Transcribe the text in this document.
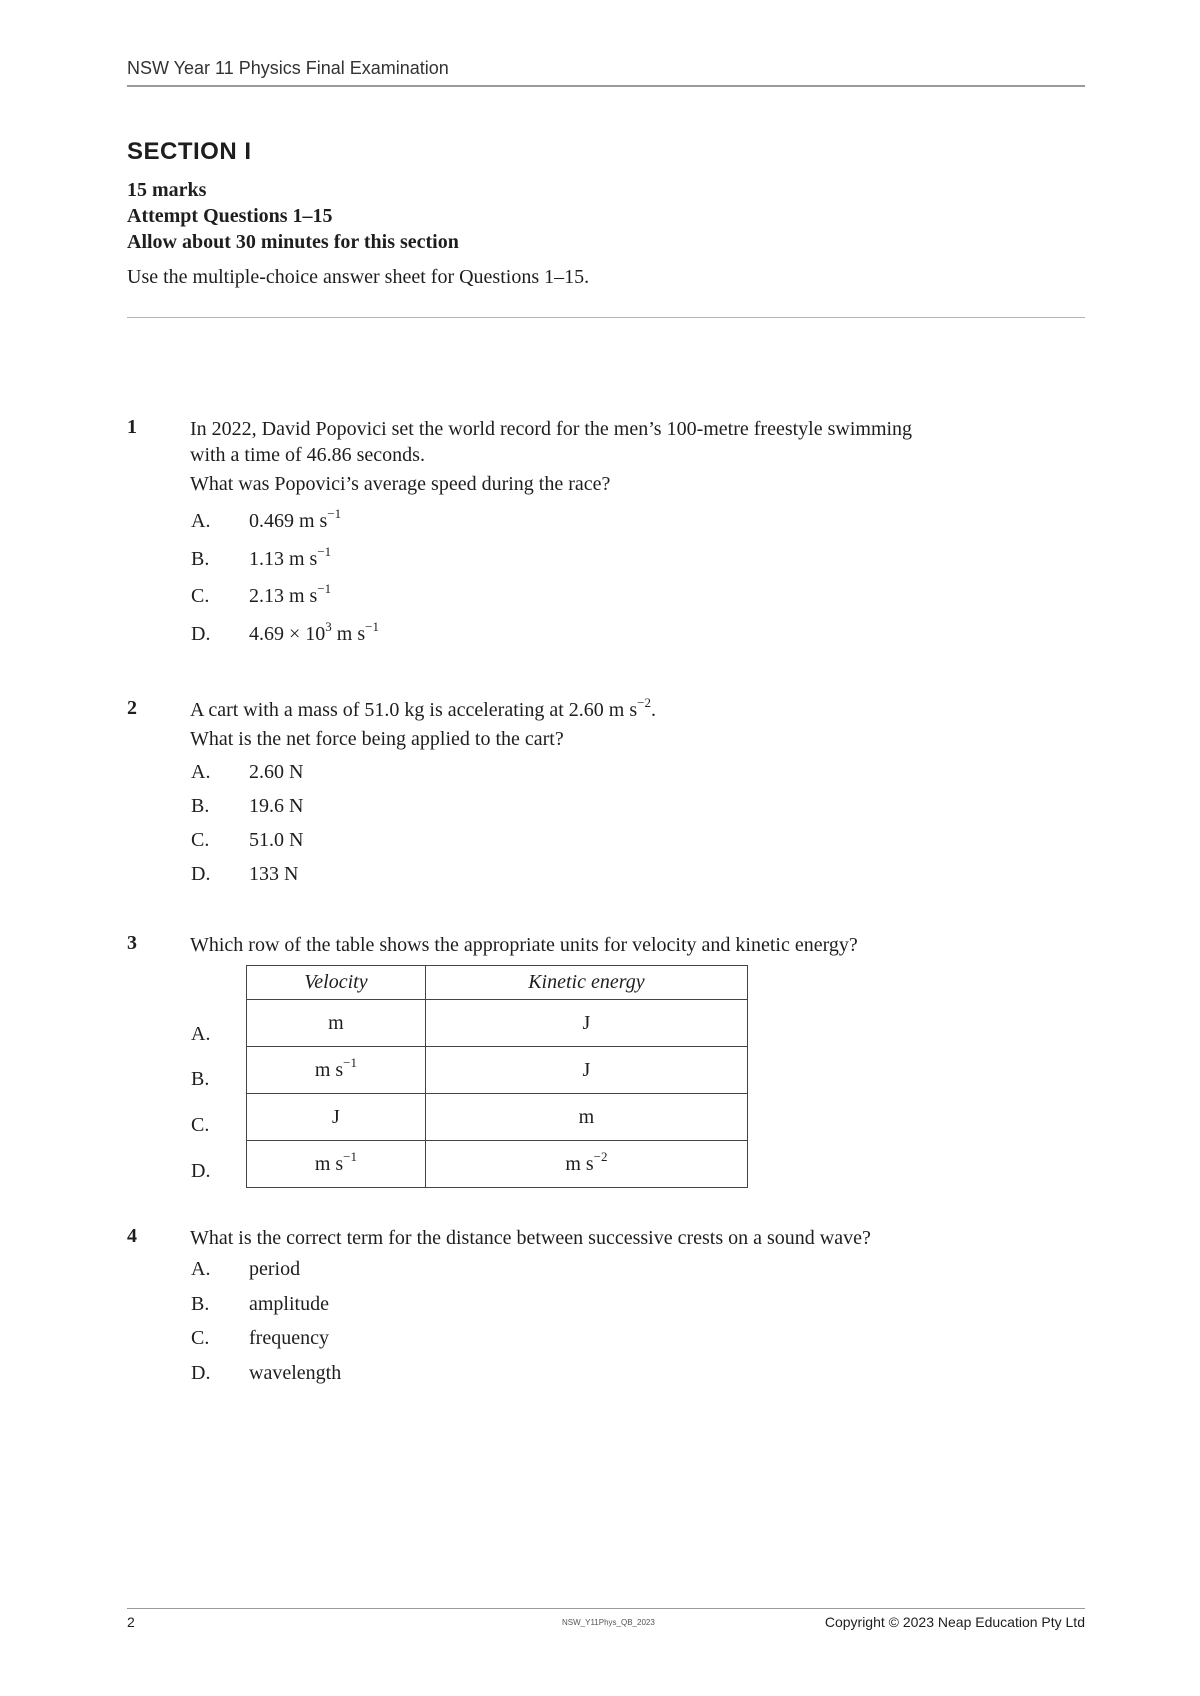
NSW Year 11 Physics Final Examination
SECTION I
15 marks
Attempt Questions 1–15
Allow about 30 minutes for this section
Use the multiple-choice answer sheet for Questions 1–15.
1	In 2022, David Popovici set the world record for the men’s 100-metre freestyle swimming
with a time of 46.86 seconds.
What was Popovici’s average speed during the race?
A. 0.469 m $s^{-1}$
B. 1.13 m $s^{-1}$
C. 2.13 m $s^{-1}$
D. $4.69 \times 10^3$ m $s^{-1}$
2	A cart with a mass of 51.0 kg is accelerating at 2.60 m $s^{-2}$.
What is the net force being applied to the cart?
A. 2.60 N
B. 19.6 N
C. 51.0 N
D. 133 N
3	Which row of the table shows the appropriate units for velocity and kinetic energy?
Velocity	Kinetic energy
m	J
m $s^{-1}$	J
J	m
m $s^{-1}$	m $s^{-2}$
A.
B.
C.
D.
4	What is the correct term for the distance between successive crests on a sound wave?
A. period
B. amplitude
C. frequency
D. wavelength
2	NSW_Y11Phys_QB_2023	Copyright © 2023 Neap Education Pty Ltd
